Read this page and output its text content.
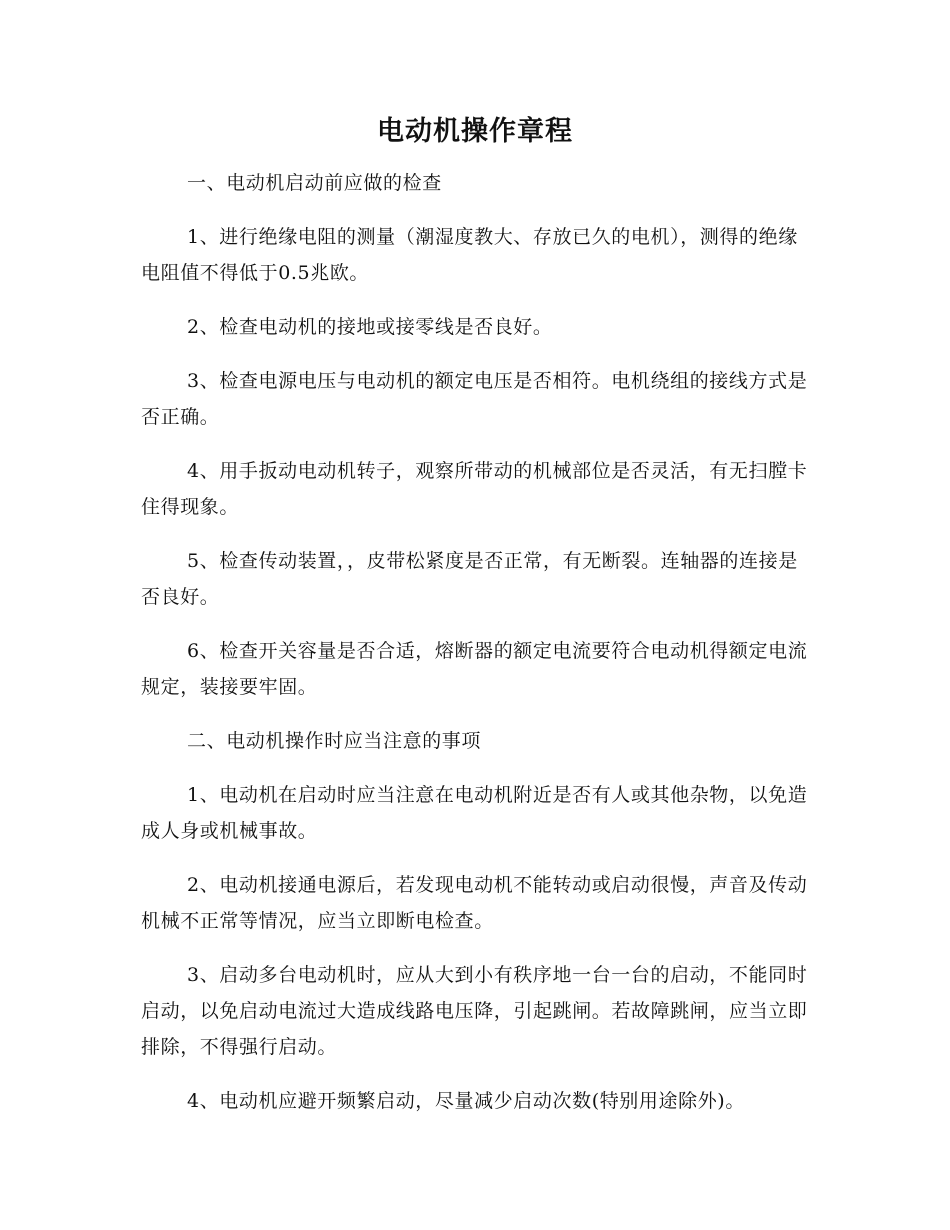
电动机操作章程

一、电动机启动前应做的检查

1、进行绝缘电阻的测量（潮湿度教大、存放已久的电机），测得的绝缘电阻值不得低于0.5兆欧。

2、检查电动机的接地或接零线是否良好。

3、检查电源电压与电动机的额定电压是否相符。电机绕组的接线方式是否正确。

4、用手扳动电动机转子，观察所带动的机械部位是否灵活，有无扫膛卡住得现象。

5、检查传动装置，，皮带松紧度是否正常，有无断裂。连轴器的连接是否良好。

6、检查开关容量是否合适，熔断器的额定电流要符合电动机得额定电流规定，装接要牢固。

二、电动机操作时应当注意的事项

1、电动机在启动时应当注意在电动机附近是否有人或其他杂物，以免造成人身或机械事故。

2、电动机接通电源后，若发现电动机不能转动或启动很慢，声音及传动机械不正常等情况，应当立即断电检查。

3、启动多台电动机时，应从大到小有秩序地一台一台的启动，不能同时启动，以免启动电流过大造成线路电压降，引起跳闸。若故障跳闸，应当立即排除，不得强行启动。

4、电动机应避开频繁启动，尽量减少启动次数(特别用途除外)。
